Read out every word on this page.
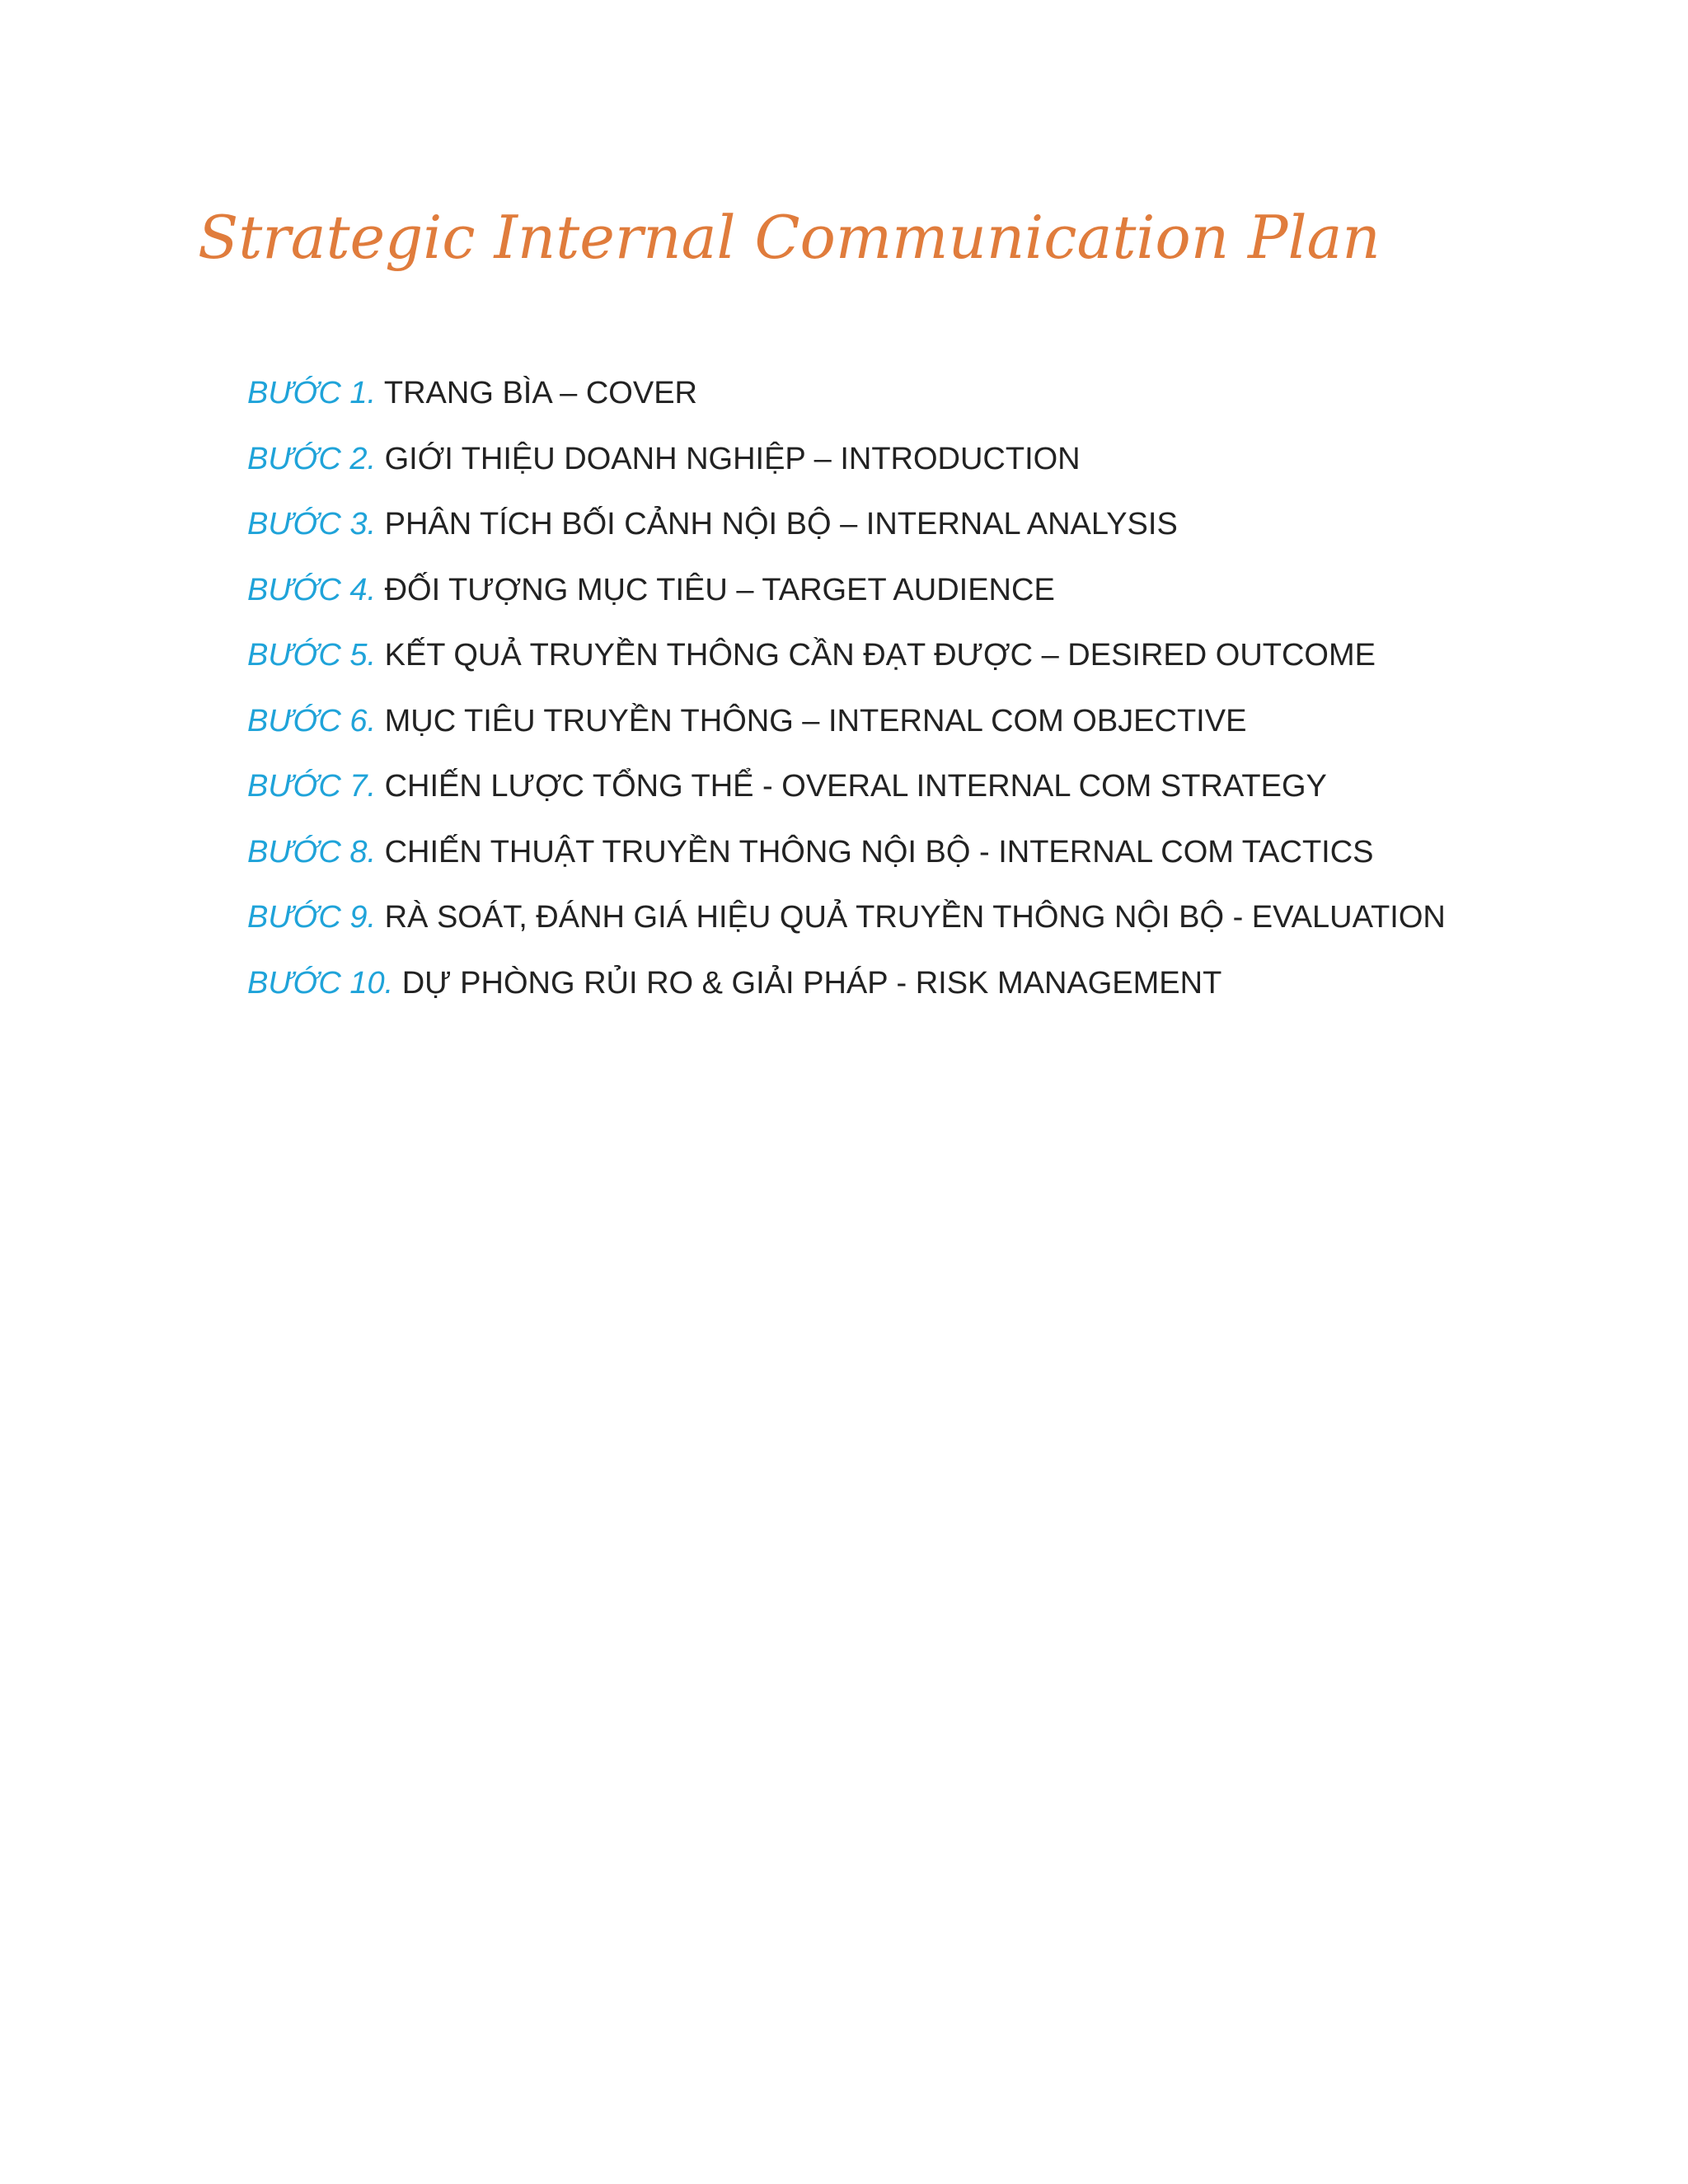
Strategic Internal Communication Plan
BƯỚC 1. TRANG BÌA – COVER
BƯỚC 2. GIỚI THIỆU DOANH NGHIỆP – INTRODUCTION
BƯỚC 3. PHÂN TÍCH BỐI CẢNH NỘI BỘ – INTERNAL ANALYSIS
BƯỚC 4. ĐỐI TƯỢNG MỤC TIÊU – TARGET AUDIENCE
BƯỚC 5. KẾT QUẢ TRUYỀN THÔNG CẦN ĐẠT ĐƯỢC – DESIRED OUTCOME
BƯỚC 6. MỤC TIÊU TRUYỀN THÔNG – INTERNAL COM OBJECTIVE
BƯỚC 7. CHIẾN LƯỢC TỔNG THỂ - OVERAL INTERNAL COM STRATEGY
BƯỚC 8. CHIẾN THUẬT TRUYỀN THÔNG NỘI BỘ - INTERNAL COM TACTICS
BƯỚC 9. RÀ SOÁT, ĐÁNH GIÁ HIỆU QUẢ TRUYỀN THÔNG NỘI BỘ - EVALUATION
BƯỚC 10. DỰ PHÒNG RỦI RO & GIẢI PHÁP - RISK MANAGEMENT
